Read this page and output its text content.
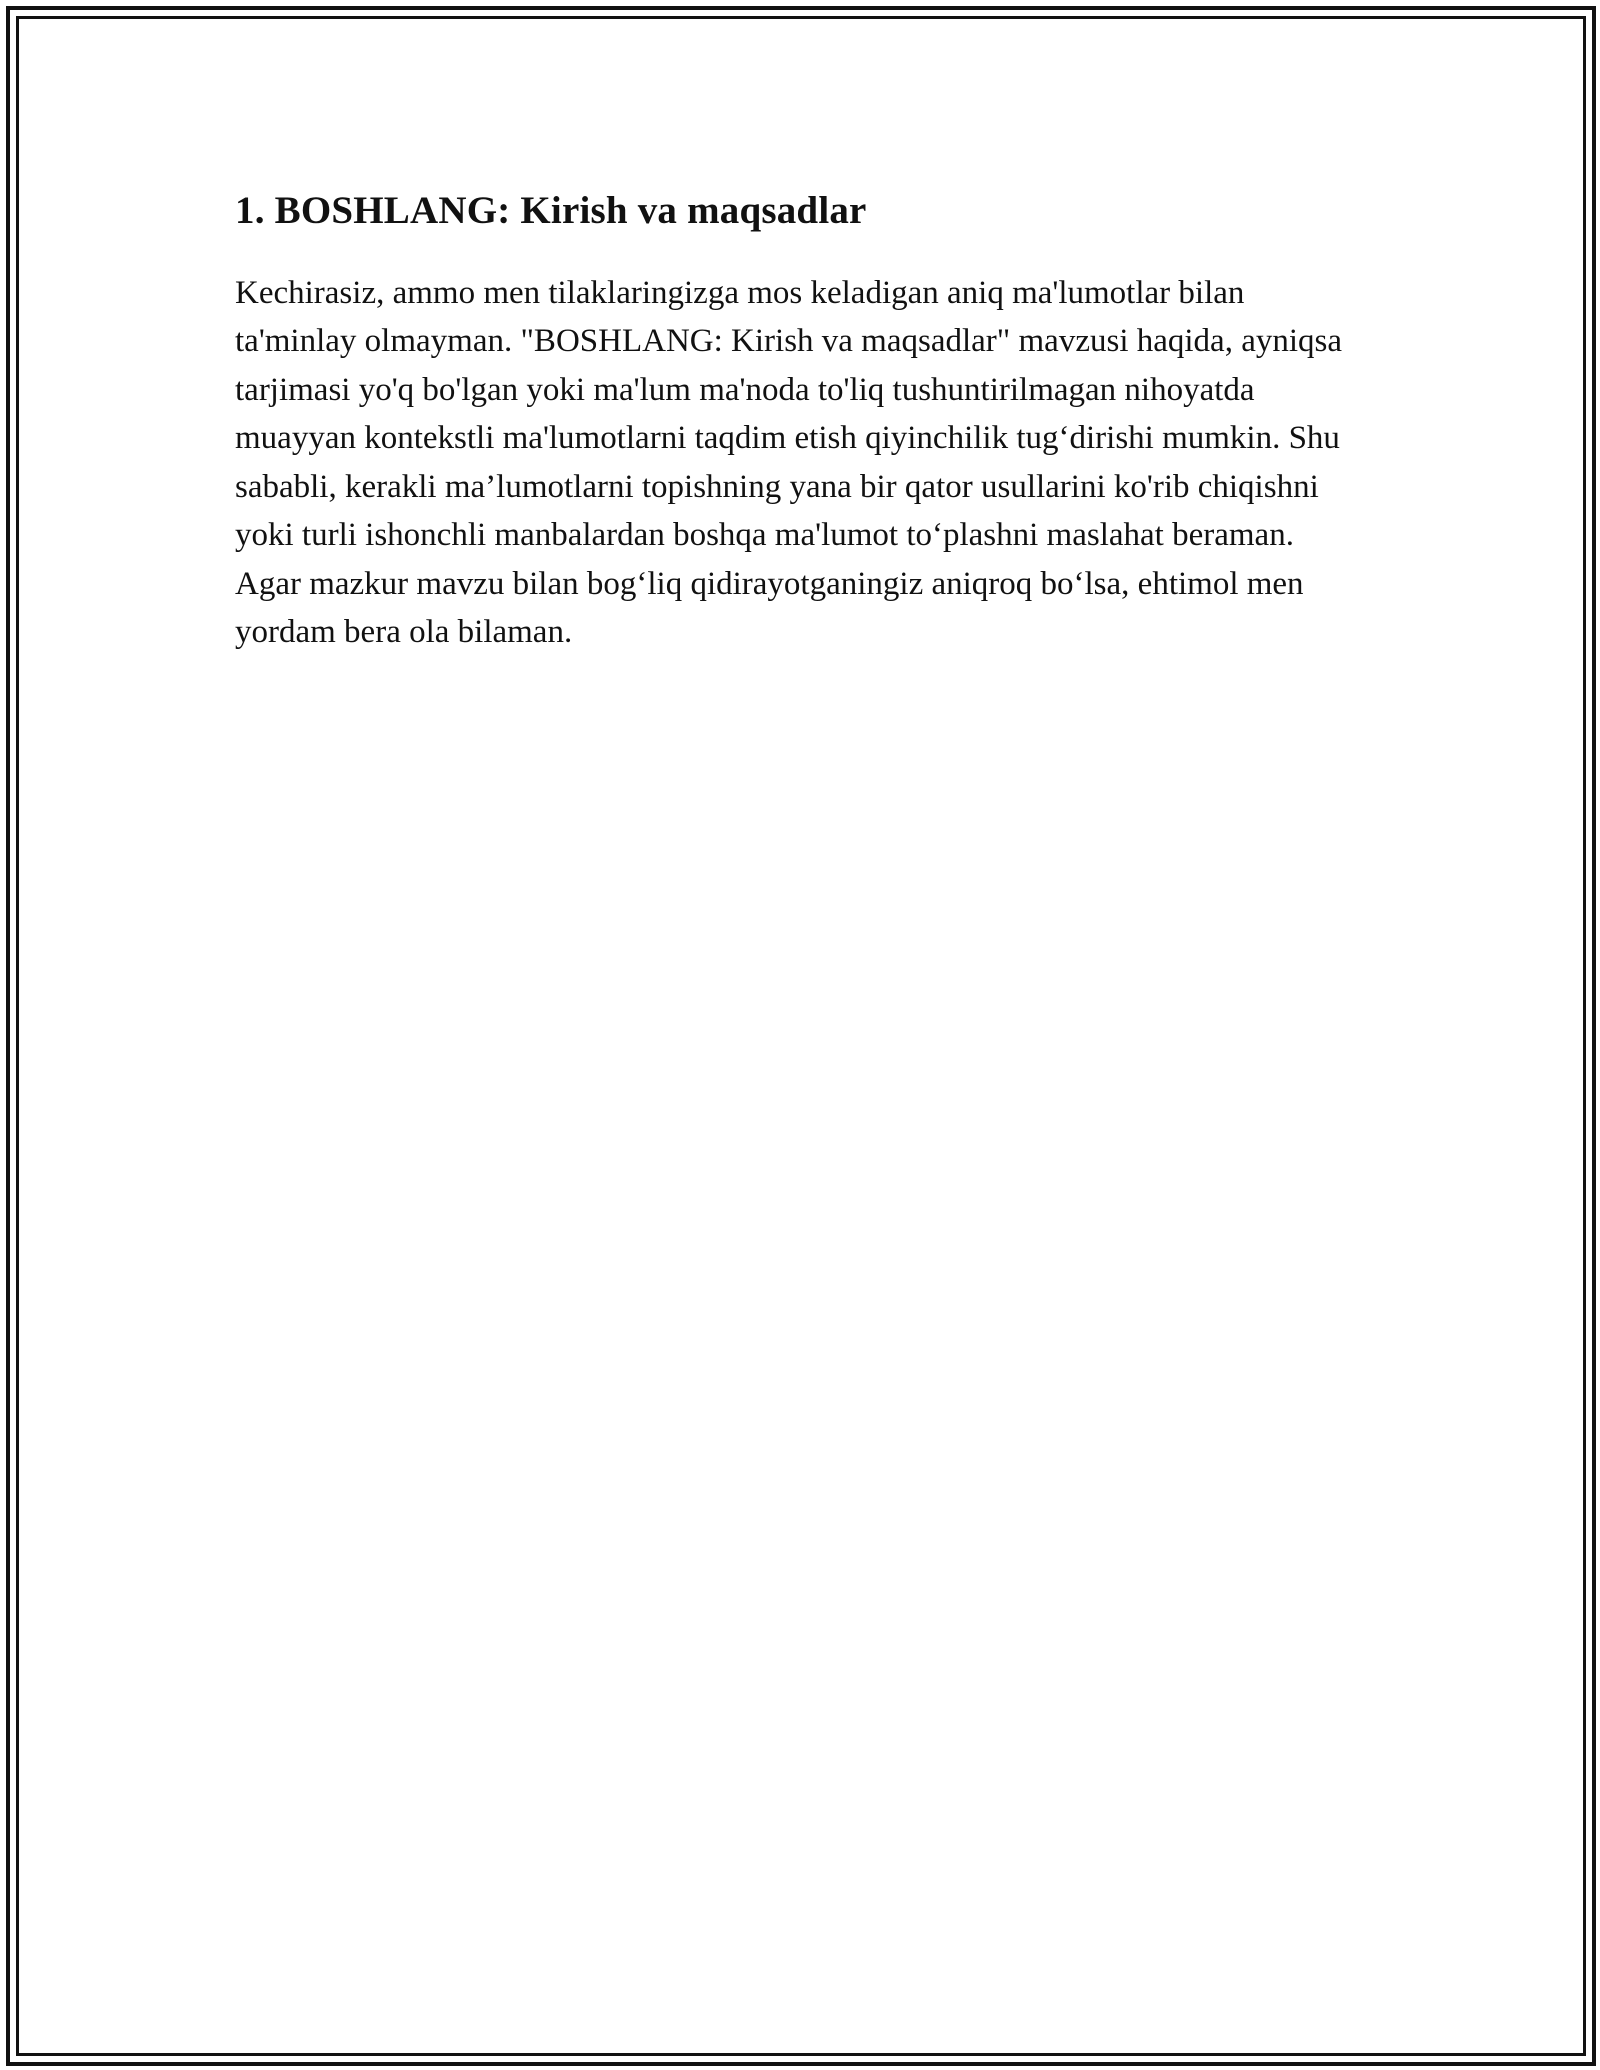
1. BOSHLANG: Kirish va maqsadlar

Kechirasiz, ammo men tilaklaringizga mos keladigan aniq ma'lumotlar bilan ta'minlay olmayman. "BOSHLANG: Kirish va maqsadlar" mavzusi haqida, ayniqsa tarjimasi yo'q bo'lgan yoki ma'lum ma'noda to'liq tushuntirilmagan nihoyatda muayyan kontekstli ma'lumotlarni taqdim etish qiyinchilik tug‘dirishi mumkin. Shu sababli, kerakli ma’lumotlarni topishning yana bir qator usullarini ko'rib chiqishni yoki turli ishonchli manbalardan boshqa ma'lumot to‘plashni maslahat beraman. Agar mazkur mavzu bilan bog‘liq qidirayotganingiz aniqroq bo‘lsa, ehtimol men yordam bera ola bilaman.
